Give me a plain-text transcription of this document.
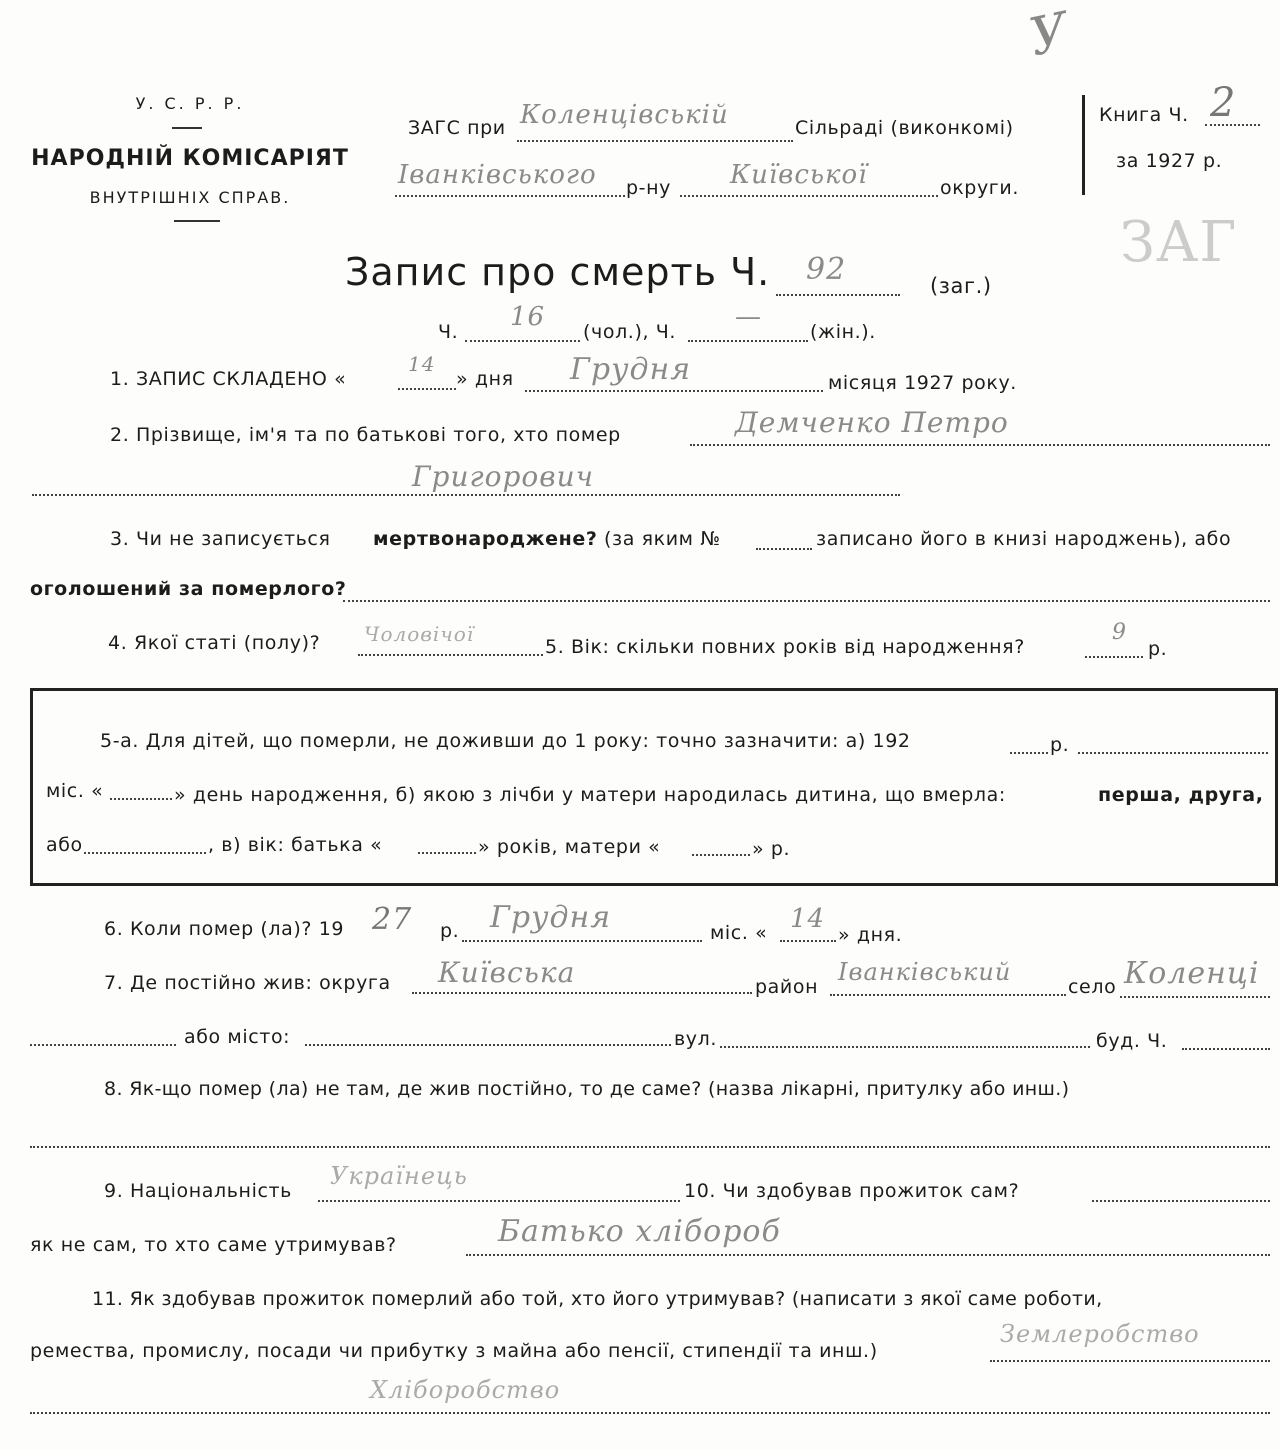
У
У. С. Р. Р.
НАРОДНІЙ КОМІСАРІЯТ
ВНУТРІШНІХ СПРАВ.
ЗАГС при Коленцівській	Сільраді (виконкомі)
Іванківського р-ну Київської	округи.
Книга Ч. 2
за 1927 р.
ЗАГ
Запис про смерть Ч. 92	(заг.)
Ч. 16 (чол.), Ч. —	(жін.).
1. ЗАПИС СКЛАДЕНО «
14
» дня Грудня	місяця 1927 року.
2. Прізвище, ім'я та по батькові того, хто помер	Демченко Петро
Григорович
3. Чи не записується мертвонароджене? (за яким №	записано його в книзі народжень), або
оголошений за померлого?
4. Якої статі (полу)? Чоловічої
5. Вік: скільки повних років від народження?
9
р.
5-а. Для дітей, що померли, не доживши до 1 року: точно зазначити: а) 192	р.
міс. «	» день народження, б) якою з лічби у матери народилась дитина, що вмерла:	перша, друга,
або	, в) вік: батька «	» років, матери «	» р.
6. Коли помер (ла)? 19 27 р. Грудня	міс. « 14
» дня.
7. Де постійно жив: округа Київська	район
Іванківський
село Коленці
або місто:	вул.	буд. Ч.
8. Як-що помер (ла) не там, де жив постійно, то де саме? (назва лікарні, притулку або инш.)
9. Національність
Українець
10. Чи здобував прожиток сам?
як не сам, то хто саме утримував?	Батько хлібороб
11. Як здобував прожиток померлий або той, хто його утримував? (написати з якої саме роботи,
ремества, промислу, посади чи прибутку з майна або пенсії, стипендії та инш.)
Землеробство
Хліборобство
